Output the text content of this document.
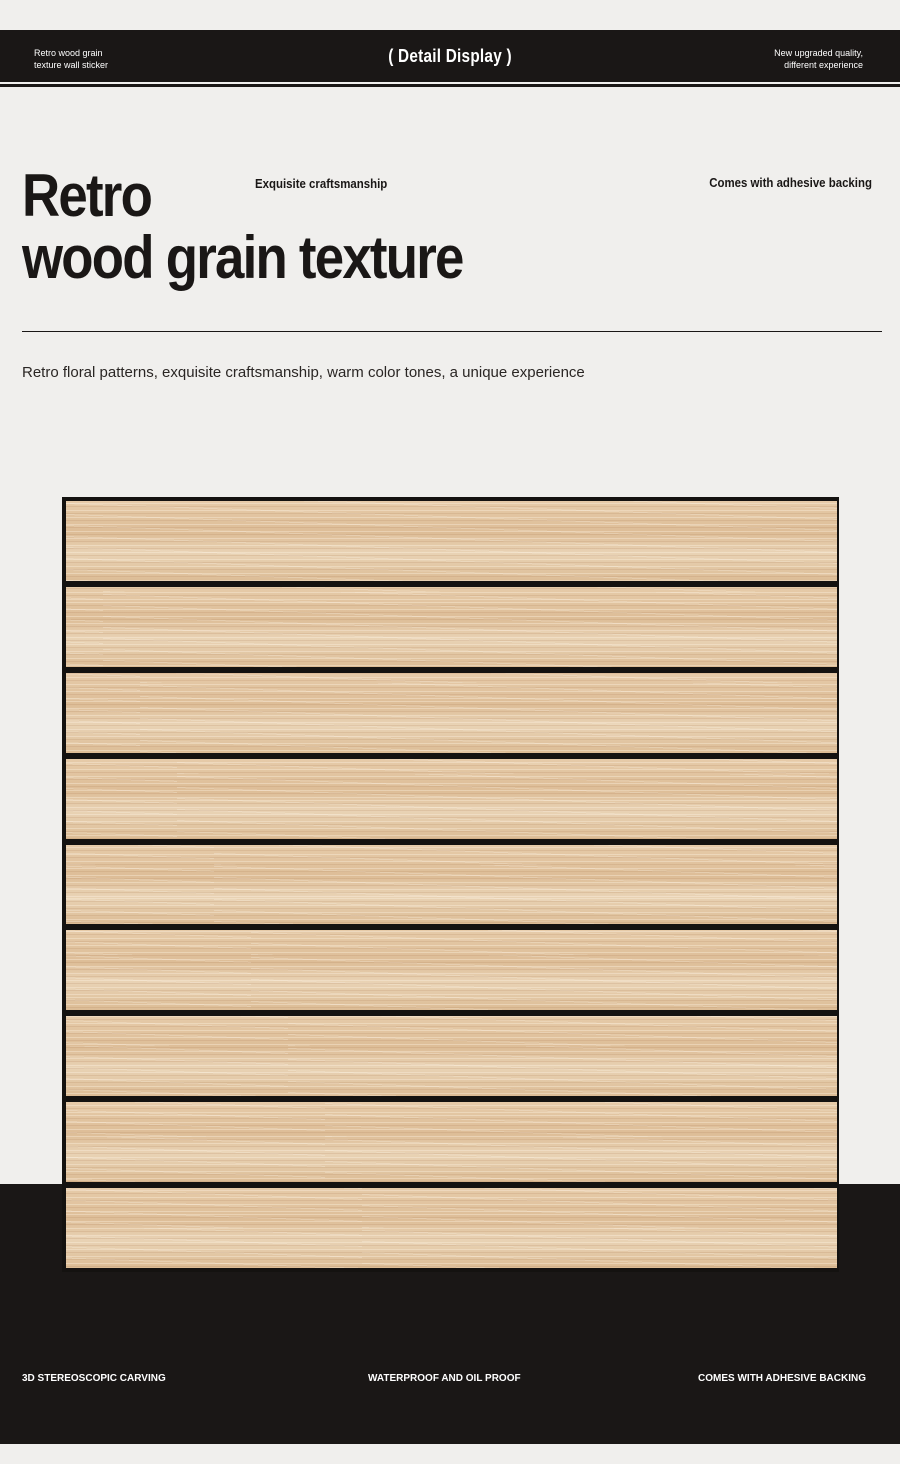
Retro wood grain
texture wall sticker	( Detail Display )	New upgraded quality,
different experience
Retro
wood grain texture
Exquisite craftsmanship	Comes with adhesive backing
Retro floral patterns, exquisite craftsmanship, warm color tones, a unique experience
3D STEREOSCOPIC CARVING	WATERPROOF AND OIL PROOF	COMES WITH ADHESIVE BACKING
